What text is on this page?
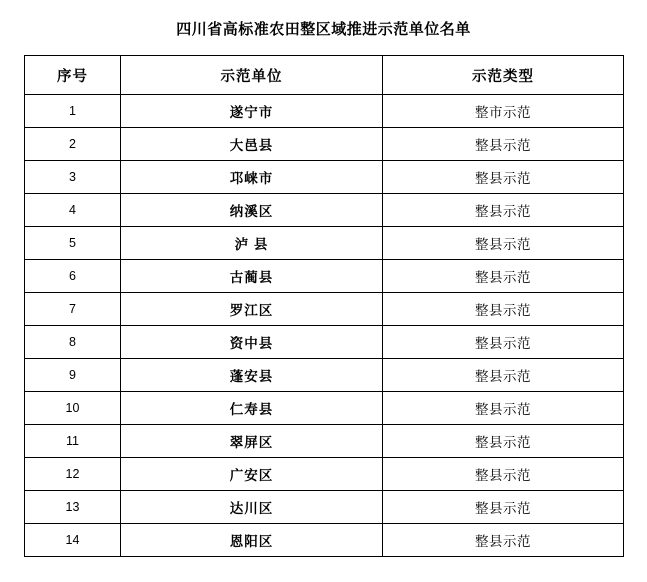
四川省高标准农田整区域推进示范单位名单
序号	示范单位	示范类型
1	遂宁市	整市示范
2	大邑县	整县示范
3	邛崃市	整县示范
4	纳溪区	整县示范
5	泸 县	整县示范
6	古蔺县	整县示范
7	罗江区	整县示范
8	资中县	整县示范
9	蓬安县	整县示范
10	仁寿县	整县示范
11	翠屏区	整县示范
12	广安区	整县示范
13	达川区	整县示范
14	恩阳区	整县示范
